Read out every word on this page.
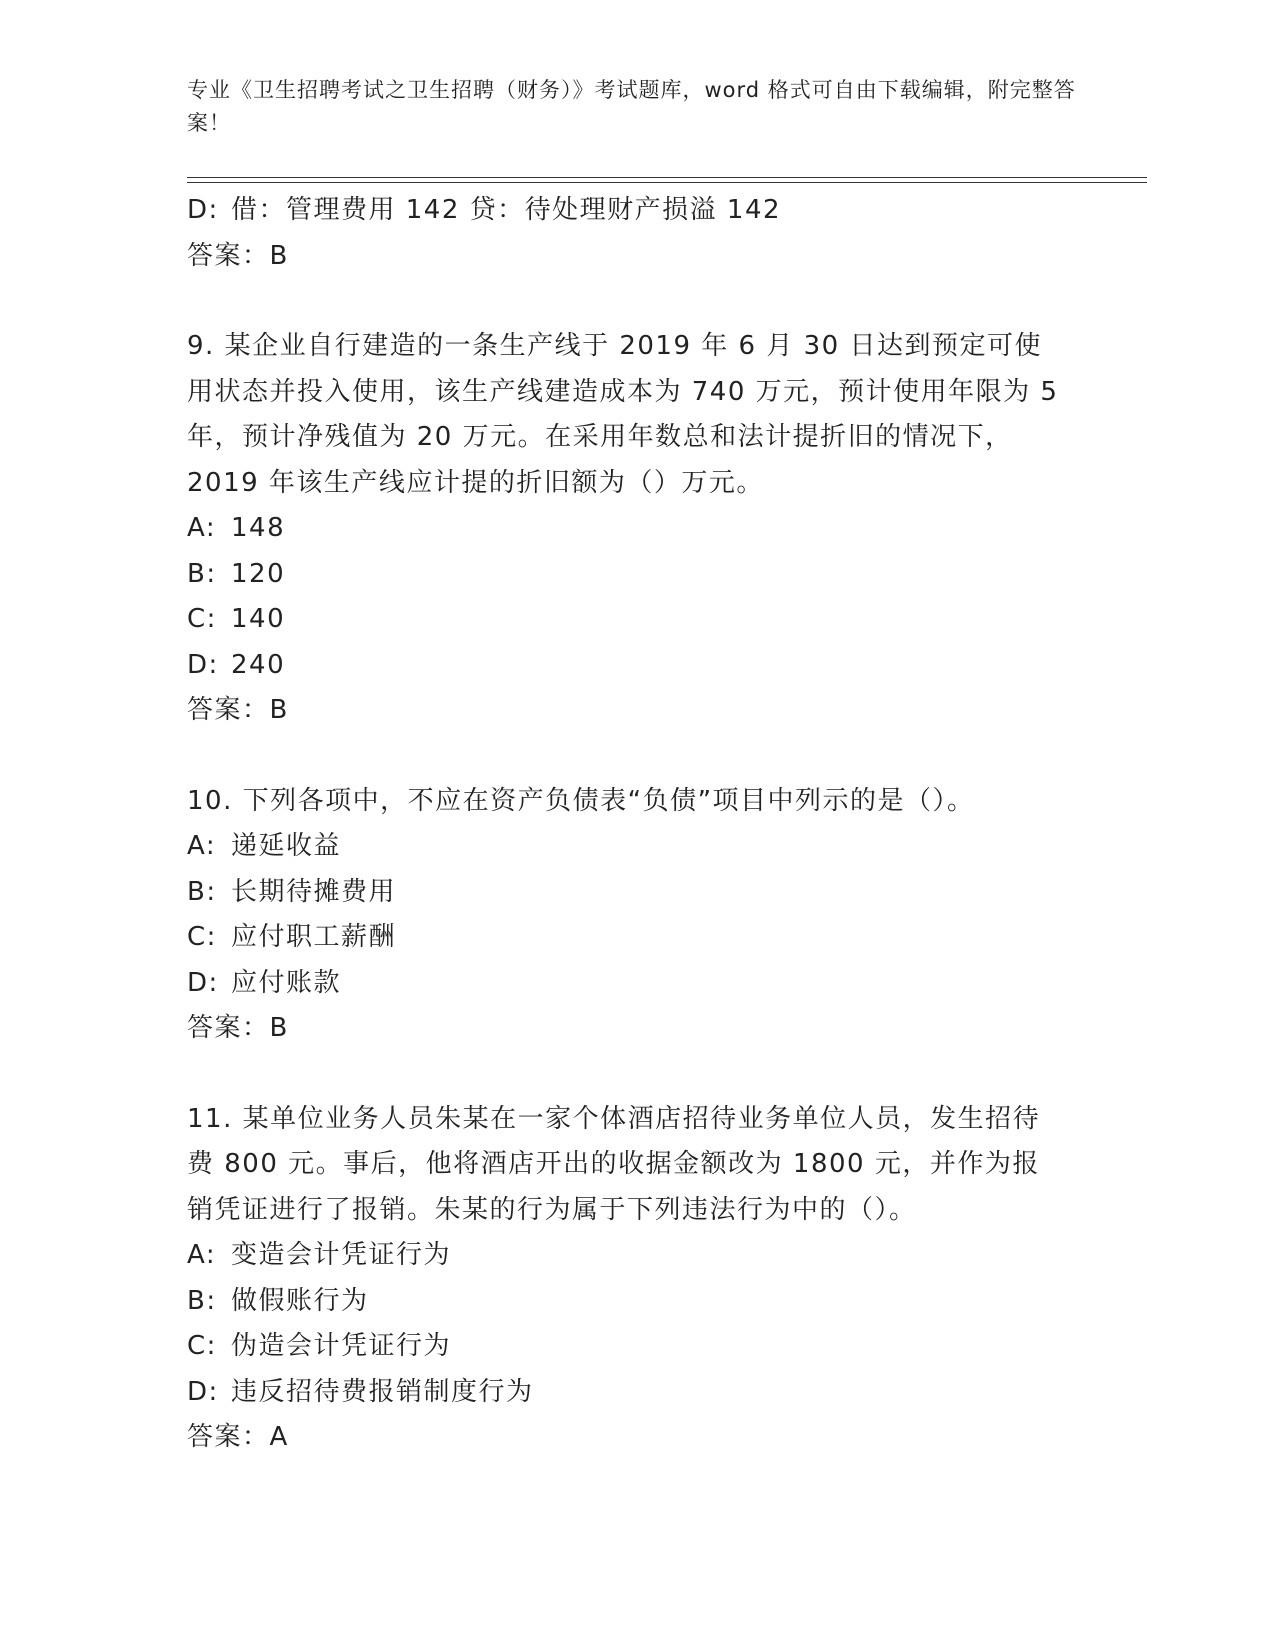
专业《卫生招聘考试之卫生招聘（财务）》考试题库，word 格式可自由下载编辑，附完整答案！
D: 借：管理费用 142 贷：待处理财产损溢 142
答案：B
9. 某企业自行建造的一条生产线于 2019 年 6 月 30 日达到预定可使用状态并投入使用，该生产线建造成本为 740 万元，预计使用年限为 5 年，预计净残值为 20 万元。在采用年数总和法计提折旧的情况下，2019 年该生产线应计提的折旧额为（）万元。
A: 148
B: 120
C: 140
D: 240
答案：B
10. 下列各项中，不应在资产负债表“负债”项目中列示的是（）。
A: 递延收益
B: 长期待摊费用
C: 应付职工薪酬
D: 应付账款
答案：B
11. 某单位业务人员朱某在一家个体酒店招待业务单位人员，发生招待费 800 元。事后，他将酒店开出的收据金额改为 1800 元，并作为报销凭证进行了报销。朱某的行为属于下列违法行为中的（）。
A: 变造会计凭证行为
B: 做假账行为
C: 伪造会计凭证行为
D: 违反招待费报销制度行为
答案：A
